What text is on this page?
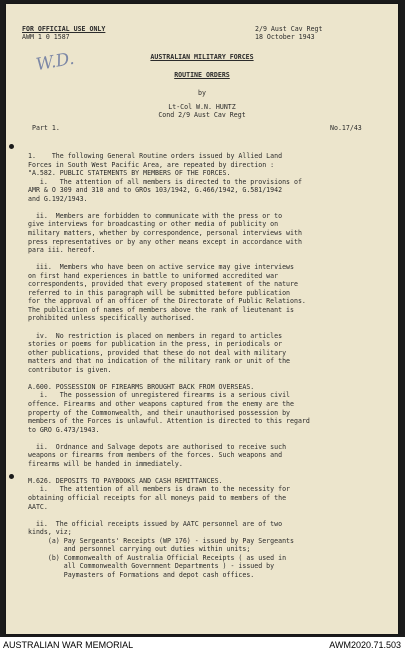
FOR OFFICIAL USE ONLY
AWM 1 0 1587
2/9 Aust Cav Regt
18 October 1943
W.D.	AUSTRALIAN MILITARY FORCES
ROUTINE ORDERS
by
Lt-Col W.N. HUNTZ
Cond 2/9 Aust Cav Regt
Part 1.	No.17/43
1.    The following General Routine orders issued by Allied Land
Forces in South West Pacific Area, are repeated by direction :
"A.582. PUBLIC STATEMENTS BY MEMBERS OF THE FORCES.
i.   The attention of all members is directed to the provisions of
AMR & O 309 and 310 and to GROs 103/1942, G.466/1942, G.581/1942
and G.192/1943.
ii.  Members are forbidden to communicate with the press or to
give interviews for broadcasting or other media of publicity on
military matters, whether by correspondence, personal interviews with
press representatives or by any other means except in accordance with
para iii. hereof.
iii.  Members who have been on active service may give interviews
on first hand experiences in battle to uniformed accredited war
correspondents, provided that every proposed statement of the nature
referred to in this paragraph will be submitted before publication
for the approval of an officer of the Directorate of Public Relations.
The publication of names of members above the rank of lieutenant is
prohibited unless specifically authorised.
iv.  No restriction is placed on members in regard to articles
stories or poems for publication in the press, in periodicals or
other publications, provided that these do not deal with military
matters and that no indication of the military rank or unit of the
contributor is given.
A.600. POSSESSION OF FIREARMS BROUGHT BACK FROM OVERSEAS.
i.   The possession of unregistered firearms is a serious civil
offence. Firearms and other weapons captured from the enemy are the
property of the Commonwealth, and their unauthorised possession by
members of the Forces is unlawful. Attention is directed to this regard
to GRO G.473/1943.
ii.  Ordnance and Salvage depots are authorised to receive such
weapons or firearms from members of the forces. Such weapons and
firearms will be handed in immediately.
M.626. DEPOSITS TO PAYBOOKS AND CASH REMITTANCES.
i.   The attention of all members is drawn to the necessity for
obtaining official receipts for all moneys paid to members of the
AATC.
ii.  The official receipts issued by AATC personnel are of two
kinds, viz;
(a) Pay Sergeants' Receipts (WP 176) - issued by Pay Sergeants
and personnel carrying out duties within units;
(b) Commonwealth of Australia Official Receipts ( as used in
all Commonwealth Government Departments ) - issued by
Paymasters of Formations and depot cash offices.
AUSTRALIAN WAR MEMORIAL	AWM2020.71.503
